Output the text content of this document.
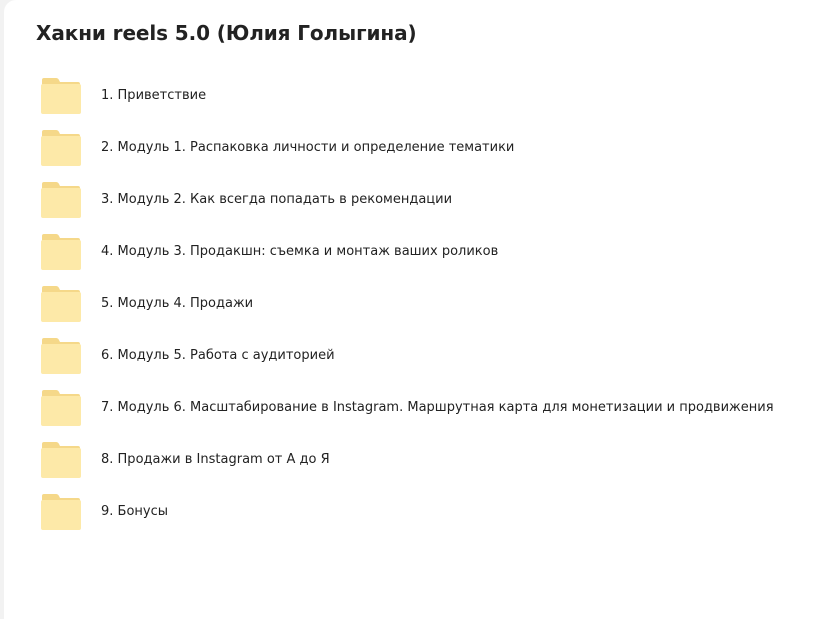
Хакни reels 5.0 (Юлия Голыгина)
1. Приветствие
2. Модуль 1. Распаковка личности и определение тематики
3. Модуль 2. Как всегда попадать в рекомендации
4. Модуль 3. Продакшн: съемка и монтаж ваших роликов
5. Модуль 4. Продажи
6. Модуль 5. Работа с аудиторией
7. Модуль 6. Масштабирование в Instagram. Маршрутная карта для монетизации и продвижения
8. Продажи в Instagram от А до Я
9. Бонусы
